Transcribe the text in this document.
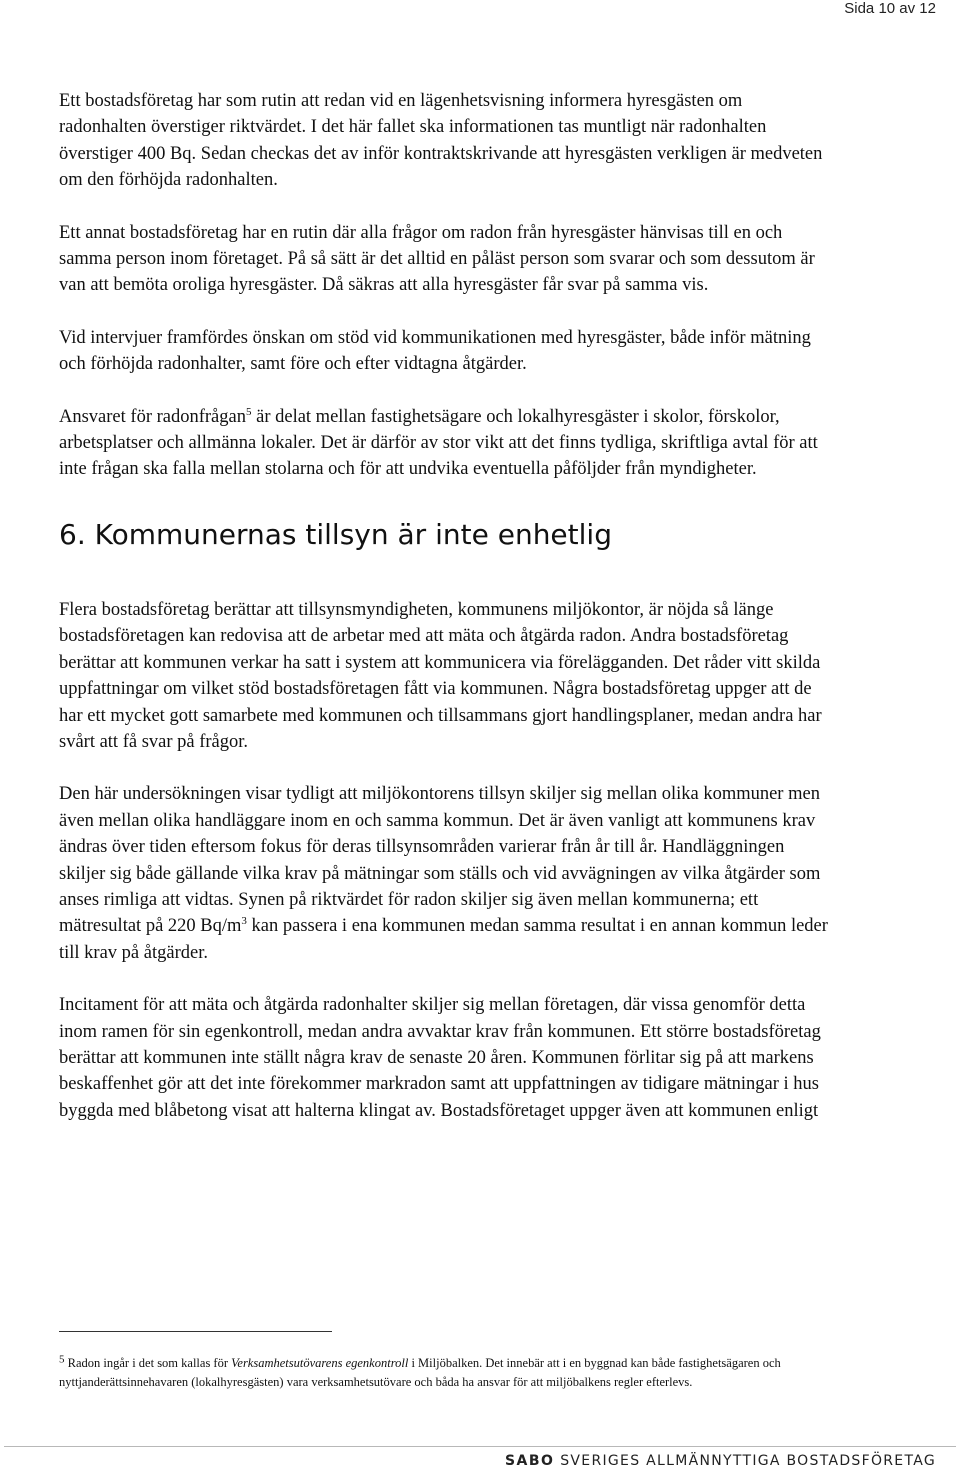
Sida 10 av 12

Ett bostadsföretag har som rutin att redan vid en lägenhetsvisning informera hyresgästen om radonhalten överstiger riktvärdet. I det här fallet ska informationen tas muntligt när radonhalten överstiger 400 Bq. Sedan checkas det av inför kontraktskrivande att hyresgästen verkligen är medveten om den förhöjda radonhalten.

Ett annat bostadsföretag har en rutin där alla frågor om radon från hyresgäster hänvisas till en och samma person inom företaget. På så sätt är det alltid en påläst person som svarar och som dessutom är van att bemöta oroliga hyresgäster. Då säkras att alla hyresgäster får svar på samma vis.

Vid intervjuer framfördes önskan om stöd vid kommunikationen med hyresgäster, både inför mätning och förhöjda radonhalter, samt före och efter vidtagna åtgärder.

Ansvaret för radonfrågan$^5$ är delat mellan fastighetsägare och lokalhyresgäster i skolor, förskolor, arbetsplatser och allmänna lokaler. Det är därför av stor vikt att det finns tydliga, skriftliga avtal för att inte frågan ska falla mellan stolarna och för att undvika eventuella påföljder från myndigheter.

6. Kommunernas tillsyn är inte enhetlig

Flera bostadsföretag berättar att tillsynsmyndigheten, kommunens miljökontor, är nöjda så länge bostadsföretagen kan redovisa att de arbetar med att mäta och åtgärda radon. Andra bostadsföretag berättar att kommunen verkar ha satt i system att kommunicera via förelägganden. Det råder vitt skilda uppfattningar om vilket stöd bostadsföretagen fått via kommunen. Några bostadsföretag uppger att de har ett mycket gott samarbete med kommunen och tillsammans gjort handlingsplaner, medan andra har svårt att få svar på frågor.

Den här undersökningen visar tydligt att miljökontorens tillsyn skiljer sig mellan olika kommuner men även mellan olika handläggare inom en och samma kommun. Det är även vanligt att kommunens krav ändras över tiden eftersom fokus för deras tillsynsområden varierar från år till år. Handläggningen skiljer sig både gällande vilka krav på mätningar som ställs och vid avvägningen av vilka åtgärder som anses rimliga att vidtas. Synen på riktvärdet för radon skiljer sig även mellan kommunerna; ett mätresultat på 220 $Bq/m^3$ kan passera i ena kommunen medan samma resultat i en annan kommun leder till krav på åtgärder.

Incitament för att mäta och åtgärda radonhalter skiljer sig mellan företagen, där vissa genomför detta inom ramen för sin egenkontroll, medan andra avvaktar krav från kommunen. Ett större bostadsföretag berättar att kommunen inte ställt några krav de senaste 20 åren. Kommunen förlitar sig på att markens beskaffenhet gör att det inte förekommer markradon samt att uppfattningen av tidigare mätningar i hus byggda med blåbetong visat att halterna klingat av. Bostadsföretaget uppger även att kommunen enligt

$^5$ Radon ingår i det som kallas för Verksamhetsutövarens egenkontroll i Miljöbalken. Det innebär att i en byggnad kan både fastighetsägaren och nyttjanderättsinnehavaren (lokalhyresgästen) vara verksamhetsutövare och båda ha ansvar för att miljöbalkens regler efterlevs.
SABO SVERIGES ALLMÄNNYTTIGA BOSTADSFÖRETAG
